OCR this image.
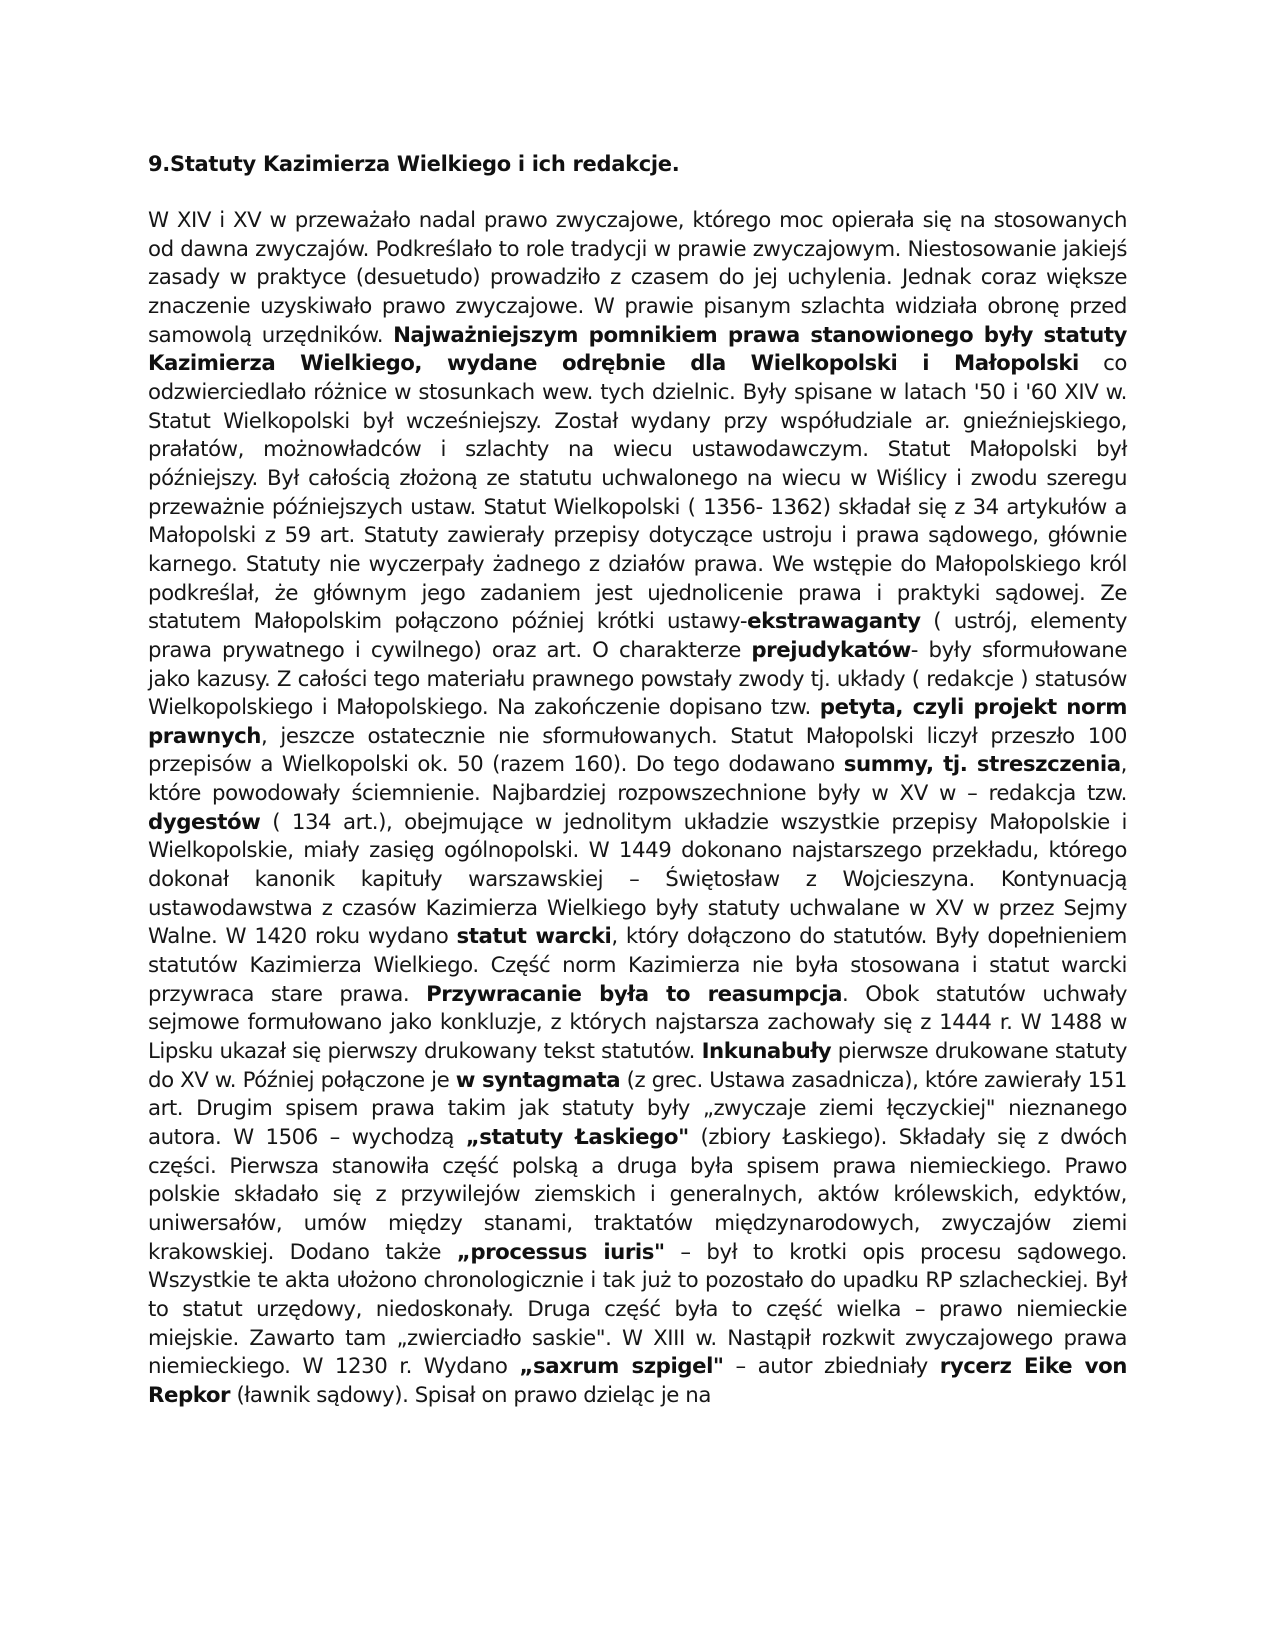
9.Statuty Kazimierza Wielkiego i ich redakcje.

W XIV i XV w przeważało nadal prawo zwyczajowe, którego moc opierała się na stosowanych od dawna zwyczajów. Podkreślało to role tradycji w prawie zwyczajowym. Niestosowanie jakiejś zasady w praktyce (desuetudo) prowadziło z czasem do jej uchylenia. Jednak coraz większe znaczenie uzyskiwało prawo zwyczajowe. W prawie pisanym szlachta widziała obronę przed samowolą urzędników. Najważniejszym pomnikiem prawa stanowionego były statuty Kazimierza Wielkiego, wydane odrębnie dla Wielkopolski i Małopolski co odzwierciedlało różnice w stosunkach wew. tych dzielnic. Były spisane w latach '50 i '60 XIV w. Statut Wielkopolski był wcześniejszy. Został wydany przy współudziale ar. gnieźniejskiego, prałatów, możnowładców i szlachty na wiecu ustawodawczym. Statut Małopolski był późniejszy. Był całością złożoną ze statutu uchwalonego na wiecu w Wiślicy i zwodu szeregu przeważnie późniejszych ustaw. Statut Wielkopolski ( 1356- 1362) składał się z 34 artykułów a Małopolski z 59 art. Statuty zawierały przepisy dotyczące ustroju i prawa sądowego, głównie karnego. Statuty nie wyczerpały żadnego z działów prawa. We wstępie do Małopolskiego król podkreślał, że głównym jego zadaniem jest ujednolicenie prawa i praktyki sądowej. Ze statutem Małopolskim połączono później krótki ustawy-ekstrawaganty ( ustrój, elementy prawa prywatnego i cywilnego) oraz art. O charakterze prejudykatów- były sformułowane jako kazusy. Z całości tego materiału prawnego powstały zwody tj. układy ( redakcje ) statusów Wielkopolskiego i Małopolskiego. Na zakończenie dopisano tzw. petyta, czyli projekt norm prawnych, jeszcze ostatecznie nie sformułowanych. Statut Małopolski liczył przeszło 100 przepisów a Wielkopolski ok. 50 (razem 160). Do tego dodawano summy, tj. streszczenia, które powodowały ściemnienie. Najbardziej rozpowszechnione były w XV w – redakcja tzw. dygestów ( 134 art.), obejmujące w jednolitym układzie wszystkie przepisy Małopolskie i Wielkopolskie, miały zasięg ogólnopolski. W 1449 dokonano najstarszego przekładu, którego dokonał kanonik kapituły warszawskiej – Świętosław z Wojcieszyna. Kontynuacją ustawodawstwa z czasów Kazimierza Wielkiego były statuty uchwalane w XV w przez Sejmy Walne. W 1420 roku wydano statut warcki, który dołączono do statutów. Były dopełnieniem statutów Kazimierza Wielkiego. Część norm Kazimierza nie była stosowana i statut warcki przywraca stare prawa. Przywracanie była to reasumpcja. Obok statutów uchwały sejmowe formułowano jako konkluzje, z których najstarsza zachowały się z 1444 r. W 1488 w Lipsku ukazał się pierwszy drukowany tekst statutów. Inkunabuły pierwsze drukowane statuty do XV w. Później połączone je w syntagmata (z grec. Ustawa zasadnicza), które zawierały 151 art. Drugim spisem prawa takim jak statuty były „zwyczaje ziemi łęczyckiej" nieznanego autora. W 1506 – wychodzą „statuty Łaskiego" (zbiory Łaskiego). Składały się z dwóch części. Pierwsza stanowiła część polską a druga była spisem prawa niemieckiego. Prawo polskie składało się z przywilejów ziemskich i generalnych, aktów królewskich, edyktów, uniwersałów, umów między stanami, traktatów międzynarodowych, zwyczajów ziemi krakowskiej. Dodano także „processus iuris" – był to krotki opis procesu sądowego. Wszystkie te akta ułożono chronologicznie i tak już to pozostało do upadku RP szlacheckiej. Był to statut urzędowy, niedoskonały. Druga część była to część wielka – prawo niemieckie miejskie. Zawarto tam „zwierciadło saskie". W XIII w. Nastąpił rozkwit zwyczajowego prawa niemieckiego. W 1230 r. Wydano „saxrum szpigel" – autor zbiedniały rycerz Eike von Repkor (ławnik sądowy). Spisał on prawo dzieląc je na
